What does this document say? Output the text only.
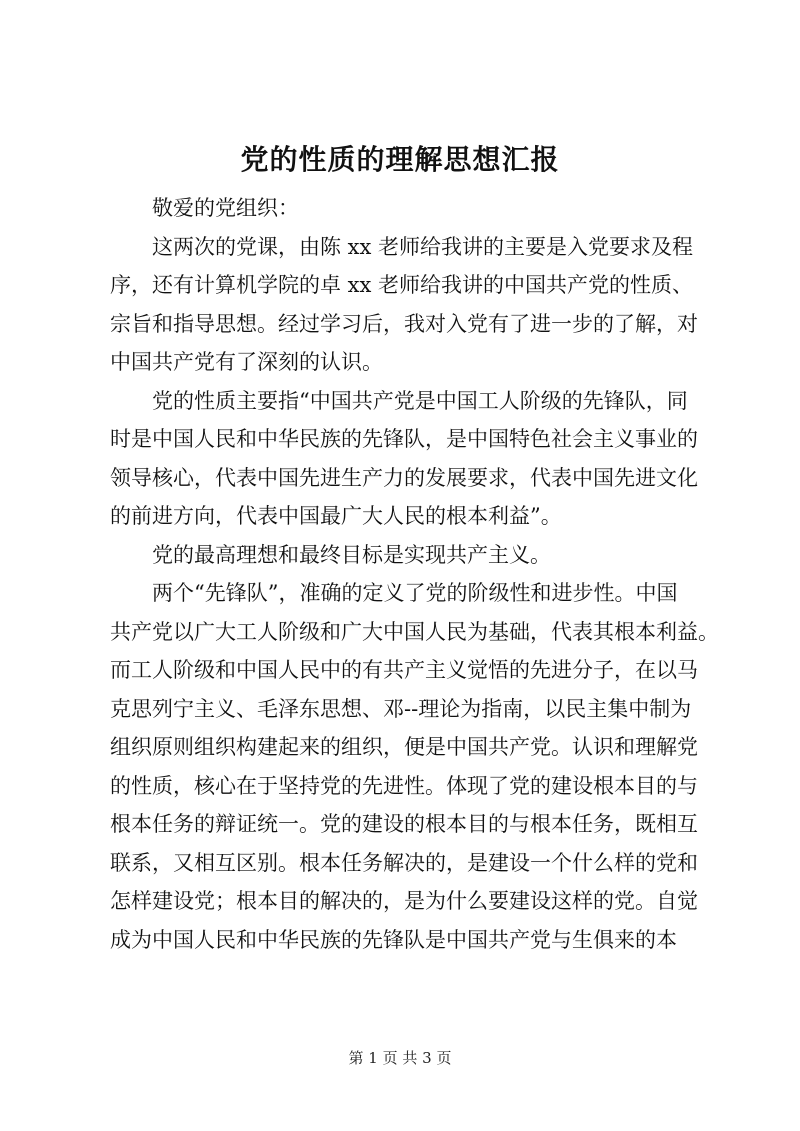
党的性质的理解思想汇报
敬爱的党组织：
这两次的党课，由陈 xx 老师给我讲的主要是入党要求及程
序，还有计算机学院的卓 xx 老师给我讲的中国共产党的性质、
宗旨和指导思想。经过学习后，我对入党有了进一步的了解，对
中国共产党有了深刻的认识。
党的性质主要指“中国共产党是中国工人阶级的先锋队，同
时是中国人民和中华民族的先锋队，是中国特色社会主义事业的
领导核心，代表中国先进生产力的发展要求，代表中国先进文化
的前进方向，代表中国最广大人民的根本利益”。
党的最高理想和最终目标是实现共产主义。
两个“先锋队”，准确的定义了党的阶级性和进步性。中国
共产党以广大工人阶级和广大中国人民为基础，代表其根本利益。
而工人阶级和中国人民中的有共产主义觉悟的先进分子，在以马
克思列宁主义、毛泽东思想、邓--理论为指南，以民主集中制为
组织原则组织构建起来的组织，便是中国共产党。认识和理解党
的性质，核心在于坚持党的先进性。体现了党的建设根本目的与
根本任务的辩证统一。党的建设的根本目的与根本任务，既相互
联系，又相互区别。根本任务解决的，是建设一个什么样的党和
怎样建设党；根本目的解决的，是为什么要建设这样的党。自觉
成为中国人民和中华民族的先锋队是中国共产党与生俱来的本
第 1 页 共 3 页
